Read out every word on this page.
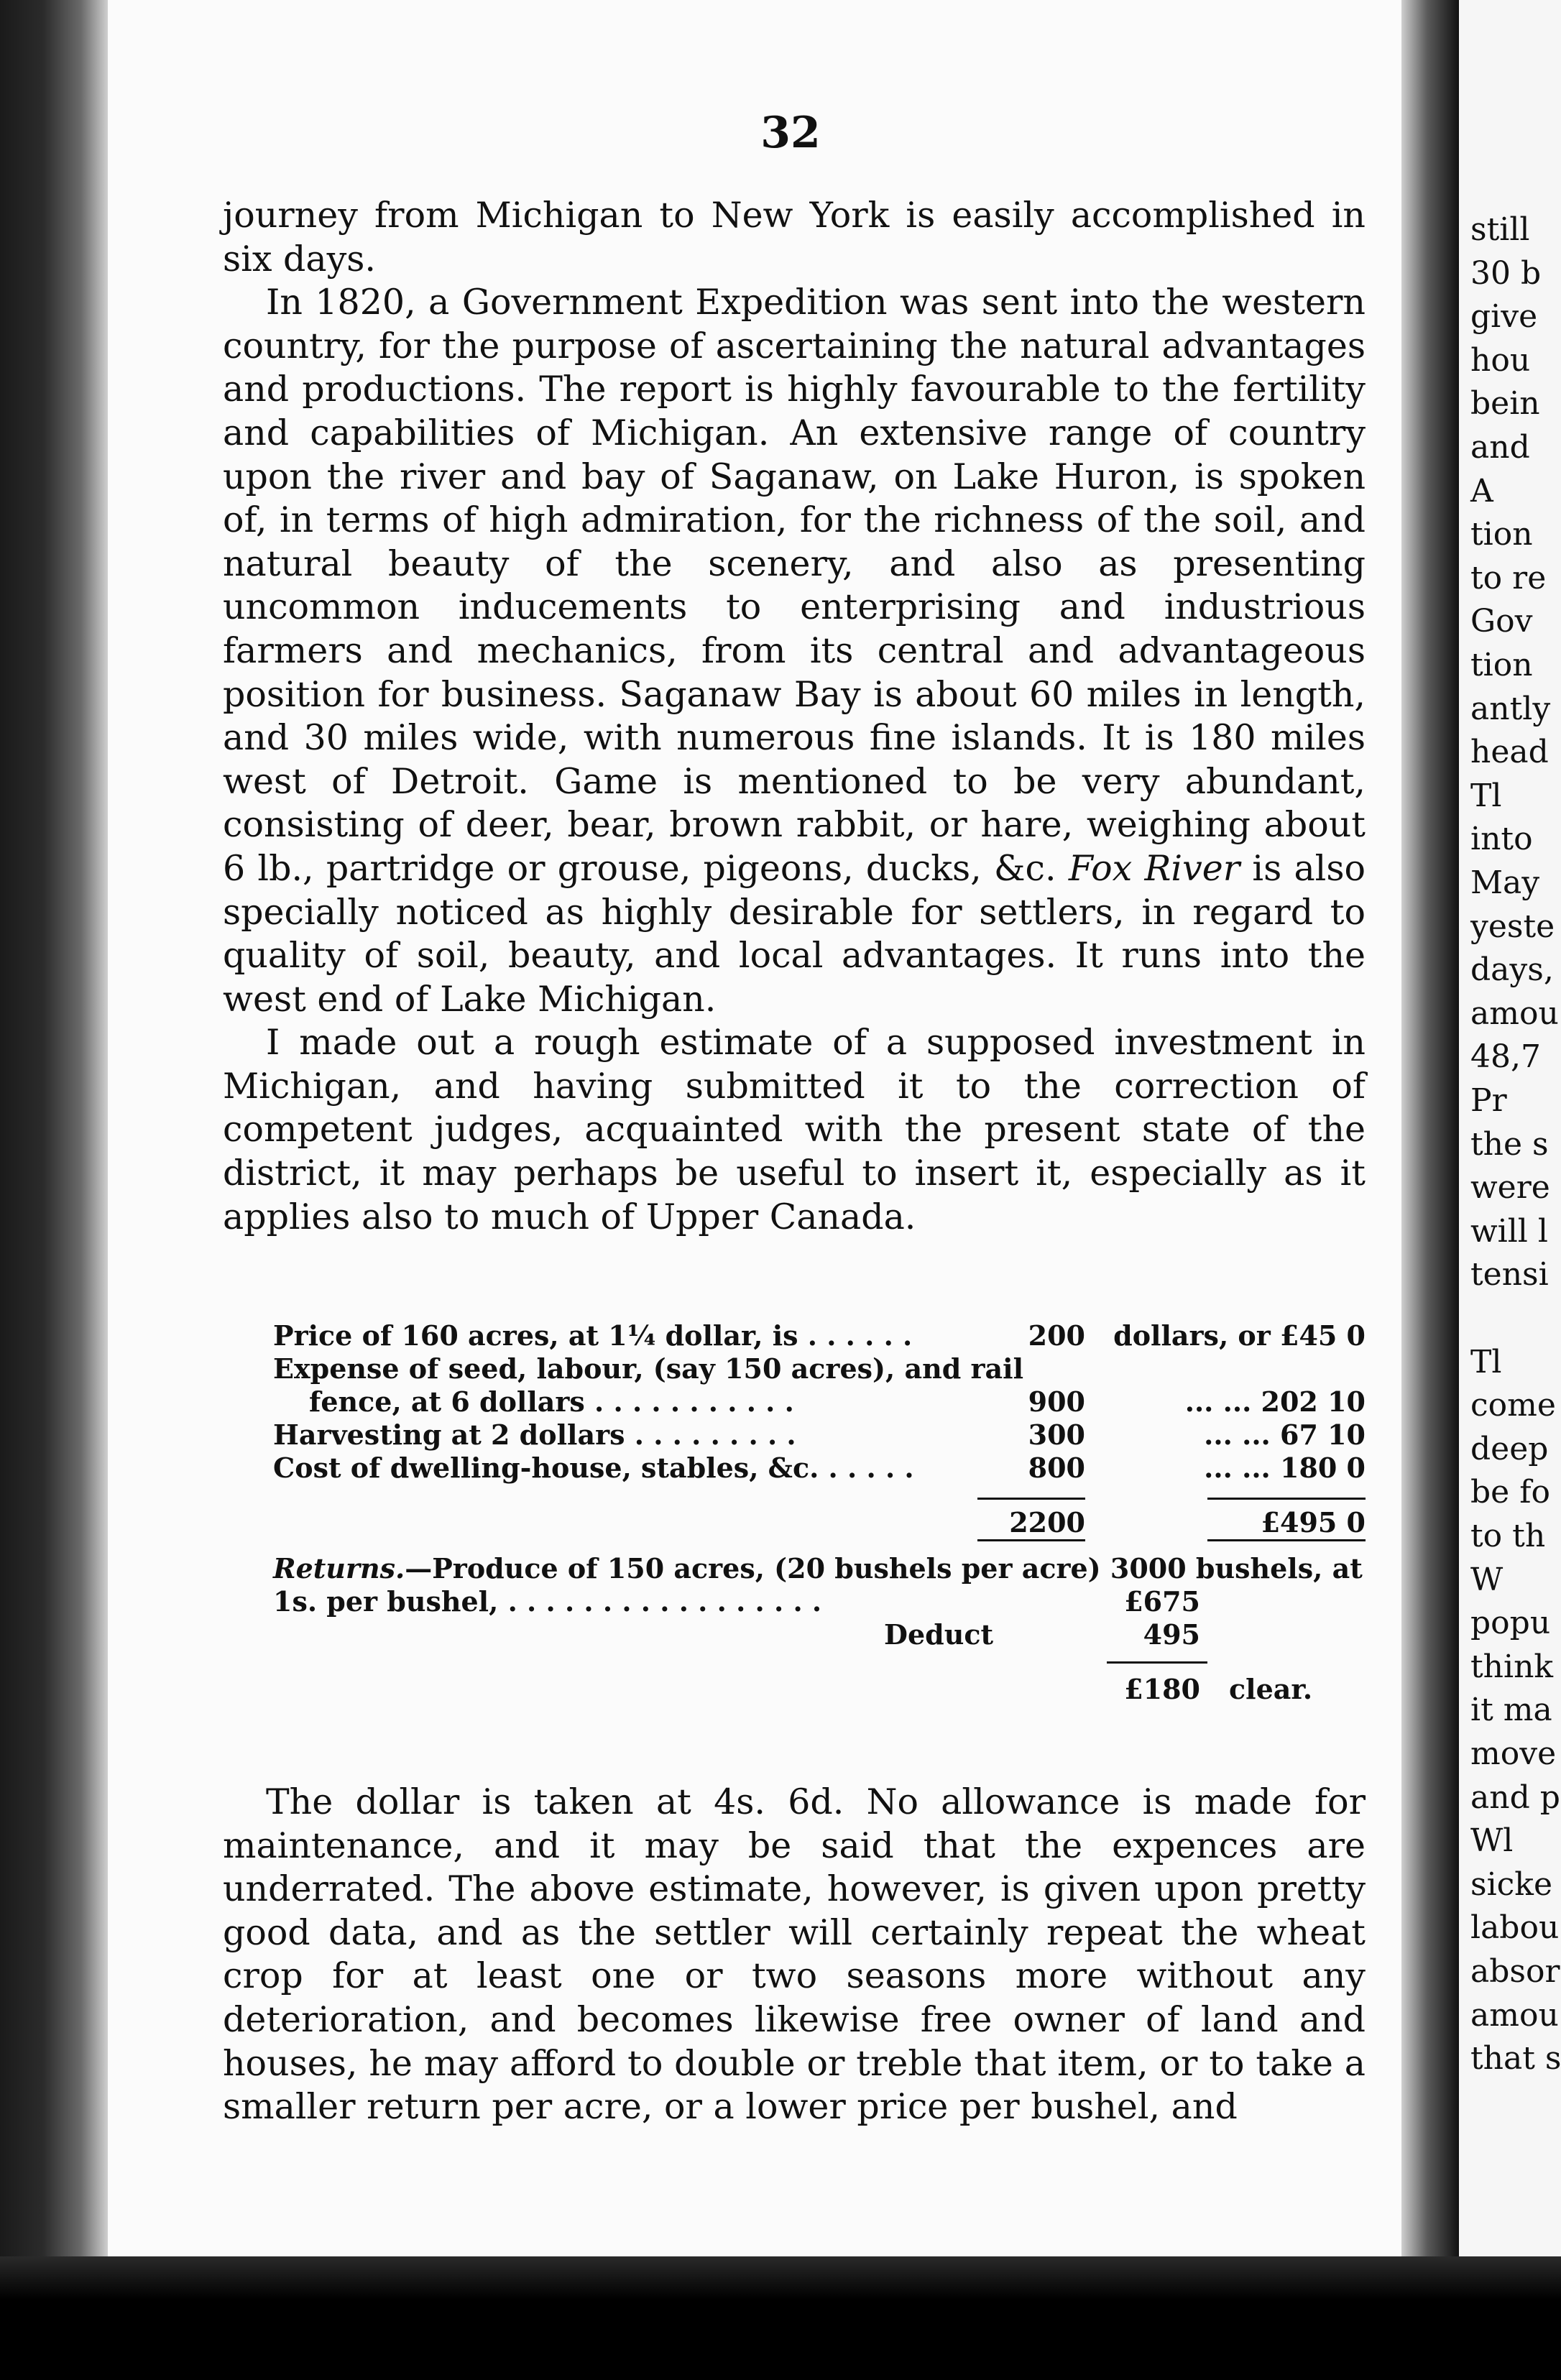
32

journey from Michigan to New York is easily accomplished in six days.

In 1820, a Government Expedition was sent into the western country, for the purpose of ascertaining the natural advantages and productions. The report is highly favourable to the fertility and capabilities of Michigan. An extensive range of country upon the river and bay of Saganaw, on Lake Huron, is spoken of, in terms of high admiration, for the richness of the soil, and natural beauty of the scenery, and also as presenting uncommon inducements to enterprising and industrious farmers and mechanics, from its central and advantageous position for business. Saganaw Bay is about 60 miles in length, and 30 miles wide, with numerous fine islands. It is 180 miles west of Detroit. Game is mentioned to be very abundant, consisting of deer, bear, brown rabbit, or hare, weighing about 6 lb., partridge or grouse, pigeons, ducks, &c. Fox River is also specially noticed as highly desirable for settlers, in regard to quality of soil, beauty, and local advantages. It runs into the west end of Lake Michigan.

I made out a rough estimate of a supposed investment in Michigan, and having submitted it to the correction of competent judges, acquainted with the present state of the district, it may perhaps be useful to insert it, especially as it applies also to much of Upper Canada.

Price of 160 acres, at 1¼ dollar, is . . . . . .	200	dollars, or £45 0
Expense of seed, labour, (say 150 acres), and rail
fence, at 6 dollars . . . . . . . . . . .	900	... ... 202 10
Harvesting at 2 dollars . . . . . . . . .	300	... ... 67 10
Cost of dwelling-house, stables, &c. . . . . .	800	... ... 180 0
2200	£495 0
Returns.—Produce of 150 acres, (20 bushels per acre) 3000 bushels, at
1s. per bushel, . . . . . . . . . . . . . . . . .	£675
Deduct	495
£180 clear.

The dollar is taken at 4s. 6d. No allowance is made for maintenance, and it may be said that the expences are underrated. The above estimate, however, is given upon pretty good data, and as the settler will certainly repeat the wheat crop for at least one or two seasons more without any deterioration, and becomes likewise free owner of land and houses, he may afford to double or treble that item, or to take a smaller return per acre, or a lower price per bushel, and

still
30 b
give
hou
bein
and
A
tion
to re
Gov
tion
antly
head
Tl
into
May
yeste
days,
amou
48,7
Pr
the s
were
will l
tensi
Tl
come
deep
be fo
to th
W
popu
think
it ma
move
and p
Wl
sicke
labou
absor
amou
that s
